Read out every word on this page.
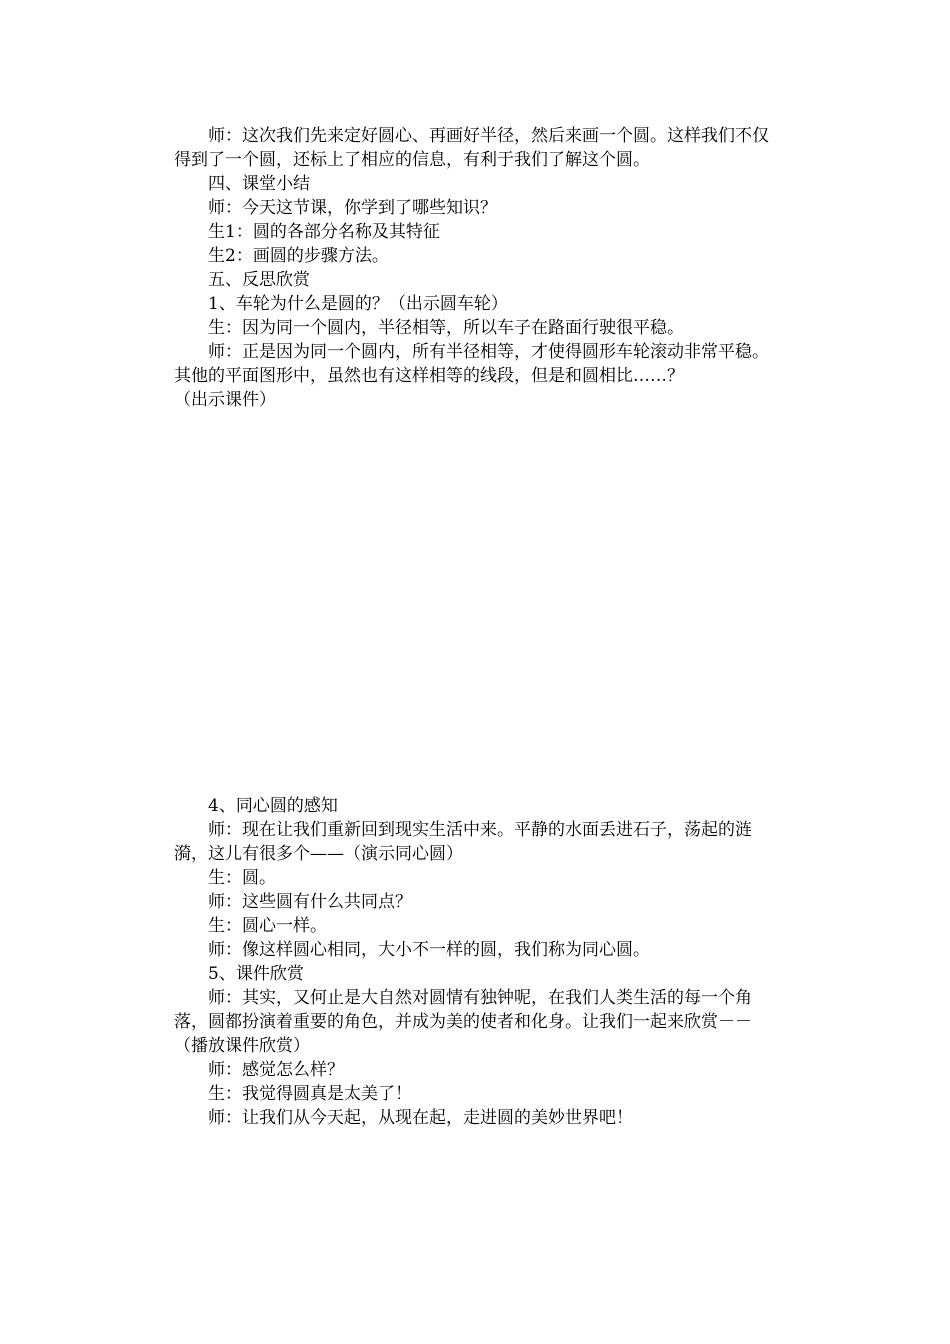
师：这次我们先来定好圆心、再画好半径，然后来画一个圆。这样我们不仅

得到了一个圆，还标上了相应的信息，有利于我们了解这个圆。

四、课堂小结

师：今天这节课，你学到了哪些知识？

生1：圆的各部分名称及其特征

生2：画圆的步骤方法。

五、反思欣赏

1、车轮为什么是圆的？（出示圆车轮）

生：因为同一个圆内，半径相等，所以车子在路面行驶很平稳。

师：正是因为同一个圆内，所有半径相等，才使得圆形车轮滚动非常平稳。

其他的平面图形中，虽然也有这样相等的线段，但是和圆相比……？

（出示课件）

4、同心圆的感知

师：现在让我们重新回到现实生活中来。平静的水面丢进石子，荡起的涟

漪，这儿有很多个——（演示同心圆）

生：圆。

师：这些圆有什么共同点？

生：圆心一样。

师：像这样圆心相同，大小不一样的圆，我们称为同心圆。

5、课件欣赏

师：其实，又何止是大自然对圆情有独钟呢，在我们人类生活的每一个角

落，圆都扮演着重要的角色，并成为美的使者和化身。让我们一起来欣赏－－

（播放课件欣赏）

师：感觉怎么样？

生：我觉得圆真是太美了！

师：让我们从今天起，从现在起，走进圆的美妙世界吧！
